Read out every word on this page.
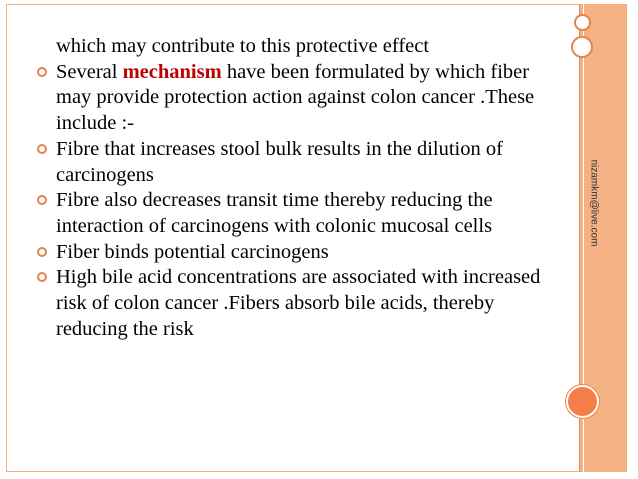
nizamkm@live.com

which may contribute to this protective effect

Several mechanism have been formulated by which fiber may provide protection action against colon cancer .These include :-

Fibre that increases stool bulk results in the dilution of carcinogens

Fibre also decreases transit time thereby reducing the interaction of carcinogens with colonic mucosal cells

Fiber binds potential carcinogens

High bile acid concentrations are associated with increased risk of colon cancer .Fibers absorb bile acids, thereby reducing the risk
